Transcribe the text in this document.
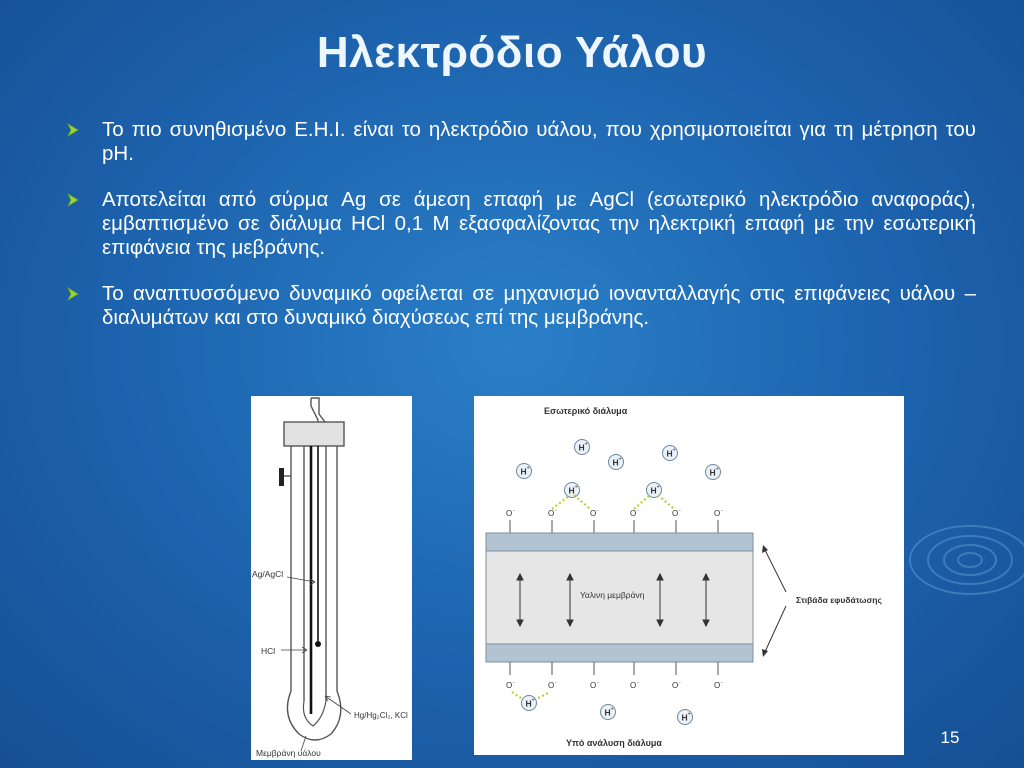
Ηλεκτρόδιο Υάλου
Το πιο συνηθισμένο Ε.Η.Ι. είναι το ηλεκτρόδιο υάλου, που χρησιμοποιείται για τη μέτρηση του pH.
Αποτελείται από σύρμα Ag σε άμεση επαφή με AgCl (εσωτερικό ηλεκτρόδιο αναφοράς), εμβαπτισμένο σε διάλυμα HCl 0,1 M εξασφαλίζοντας την ηλεκτρική επαφή με την εσωτερική επιφάνεια της μεβράνης.
Το αναπτυσσόμενο δυναμικό οφείλεται σε μηχανισμό ιονανταλλαγής στις επιφάνειες υάλου – διαλυμάτων και στο δυναμικό διαχύσεως επί της μεμβράνης.
Ag/AgCl
HCl
Hg/Hg₂Cl₂, KCl
Μεμβράνη υάλου
H +
Εσωτερικό διάλυμα
O -	O -	O -	O -	O -	O -
Υαλινη μεμβράνη	Στιβάδα εφυδάτωσης
O -	O -	O -	O -	O -	O -
Υπό ανάλυση διάλυμα	15
